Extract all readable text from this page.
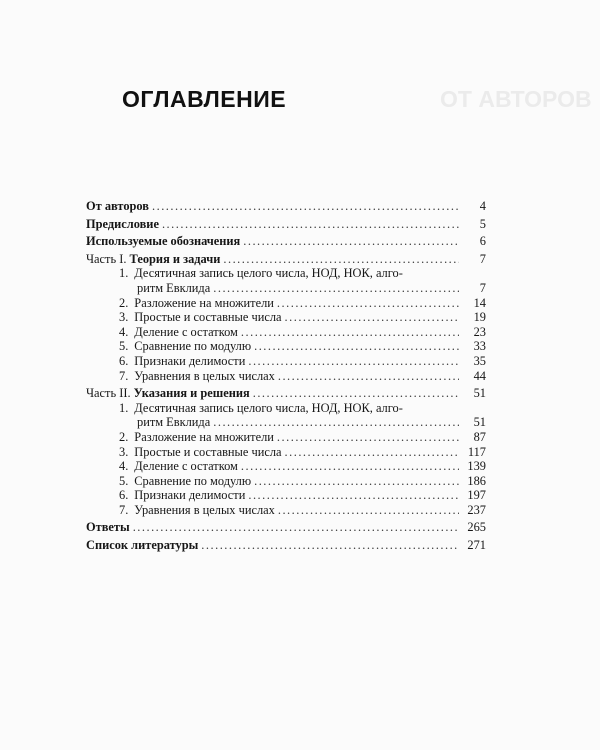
ОТ АВТОРОВ
ОГЛАВЛЕНИЕ
От авторов .....	4
Предисловие .....	5
Используемые обозначения .....	6
Часть I. Теория и задачи .....	7
1. Десятичная запись целого числа, НОД, НОК, алго-
ритм Евклида .....	7
2. Разложение на множители .....	14
3. Простые и составные числа .....	19
4. Деление с остатком .....	23
5. Сравнение по модулю .....	33
6. Признаки делимости .....	35
7. Уравнения в целых числах .....	44
Часть II. Указания и решения .....	51
1. Десятичная запись целого числа, НОД, НОК, алго-
ритм Евклида .....	51
2. Разложение на множители .....	87
3. Простые и составные числа .....	117
4. Деление с остатком .....	139
5. Сравнение по модулю .....	186
6. Признаки делимости .....	197
7. Уравнения в целых числах .....	237
Ответы .....	265
Список литературы .....	271
